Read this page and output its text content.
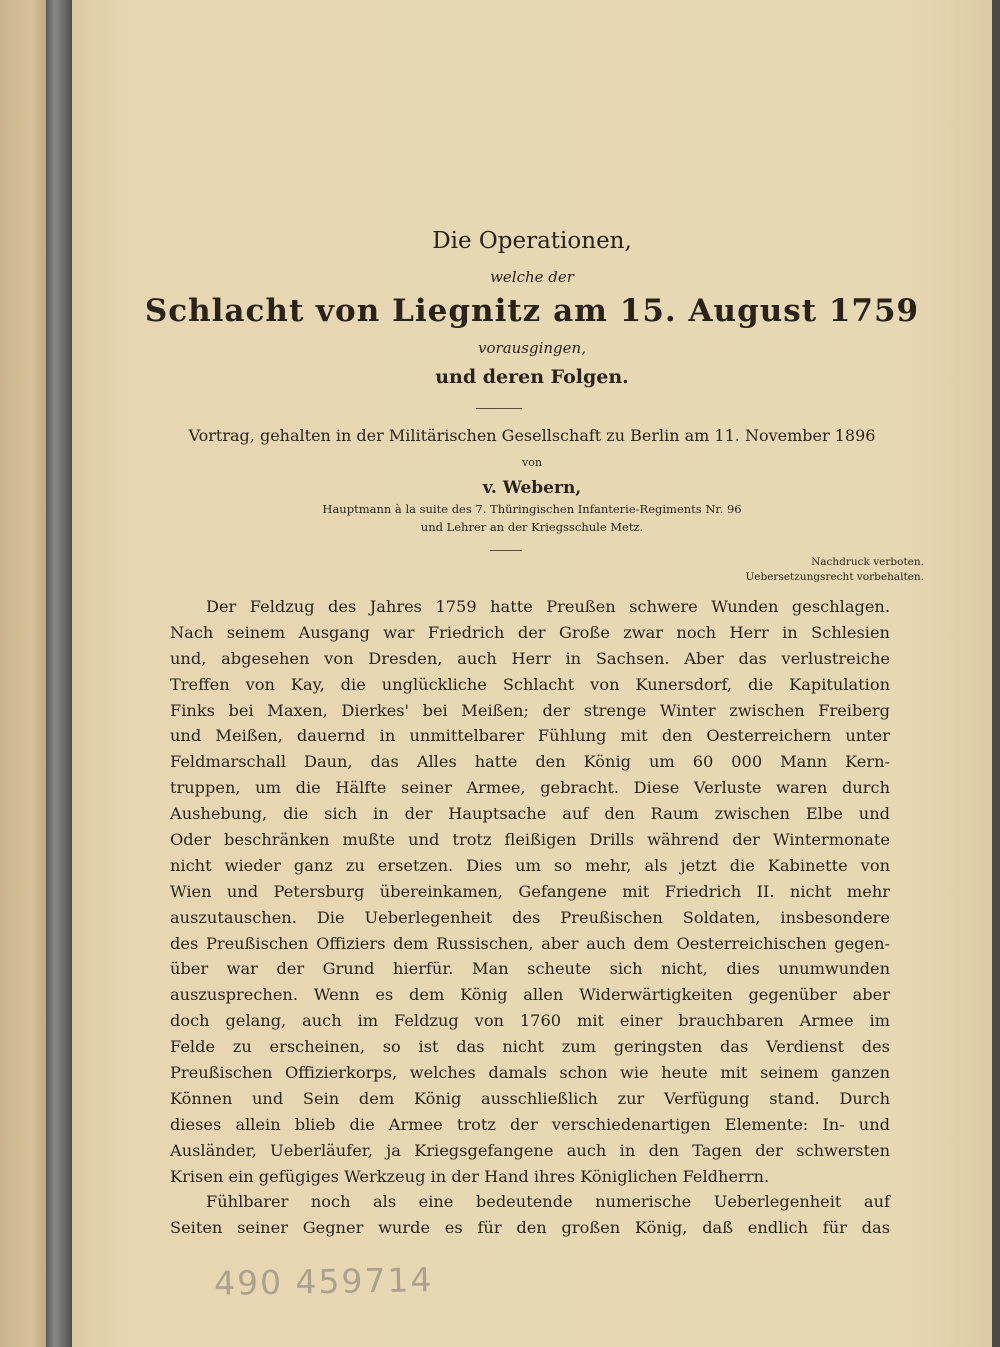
Die Operationen,
welche der
Schlacht von Liegnitz am 15. August 1759
vorausgingen,
und deren Folgen.
Vortrag, gehalten in der Militärischen Gesellschaft zu Berlin am 11. November 1896
von
v. Webern,
Hauptmann à la suite des 7. Thüringischen Infanterie-Regiments Nr. 96
und Lehrer an der Kriegsschule Metz.
Nachdruck verboten.
Uebersetzungsrecht vorbehalten.
Der Feldzug des Jahres 1759 hatte Preußen schwere Wunden geschlagen.
Nach seinem Ausgang war Friedrich der Große zwar noch Herr in Schlesien
und, abgesehen von Dresden, auch Herr in Sachsen. Aber das verlustreiche
Treffen von Kay, die unglückliche Schlacht von Kunersdorf, die Kapitulation
Finks bei Maxen, Dierkes' bei Meißen; der strenge Winter zwischen Freiberg
und Meißen, dauernd in unmittelbarer Fühlung mit den Oesterreichern unter
Feldmarschall Daun, das Alles hatte den König um 60 000 Mann Kern-
truppen, um die Hälfte seiner Armee, gebracht. Diese Verluste waren durch
Aushebung, die sich in der Hauptsache auf den Raum zwischen Elbe und
Oder beschränken mußte und trotz fleißigen Drills während der Wintermonate
nicht wieder ganz zu ersetzen. Dies um so mehr, als jetzt die Kabinette von
Wien und Petersburg übereinkamen, Gefangene mit Friedrich II. nicht mehr
auszutauschen. Die Ueberlegenheit des Preußischen Soldaten, insbesondere
des Preußischen Offiziers dem Russischen, aber auch dem Oesterreichischen gegen-
über war der Grund hierfür. Man scheute sich nicht, dies unumwunden
auszusprechen. Wenn es dem König allen Widerwärtigkeiten gegenüber aber
doch gelang, auch im Feldzug von 1760 mit einer brauchbaren Armee im
Felde zu erscheinen, so ist das nicht zum geringsten das Verdienst des
Preußischen Offizierkorps, welches damals schon wie heute mit seinem ganzen
Können und Sein dem König ausschließlich zur Verfügung stand. Durch
dieses allein blieb die Armee trotz der verschiedenartigen Elemente: In- und
Ausländer, Ueberläufer, ja Kriegsgefangene auch in den Tagen der schwersten
Krisen ein gefügiges Werkzeug in der Hand ihres Königlichen Feldherrn.
Fühlbarer noch als eine bedeutende numerische Ueberlegenheit auf
Seiten seiner Gegner wurde es für den großen König, daß endlich für das
490 459714
